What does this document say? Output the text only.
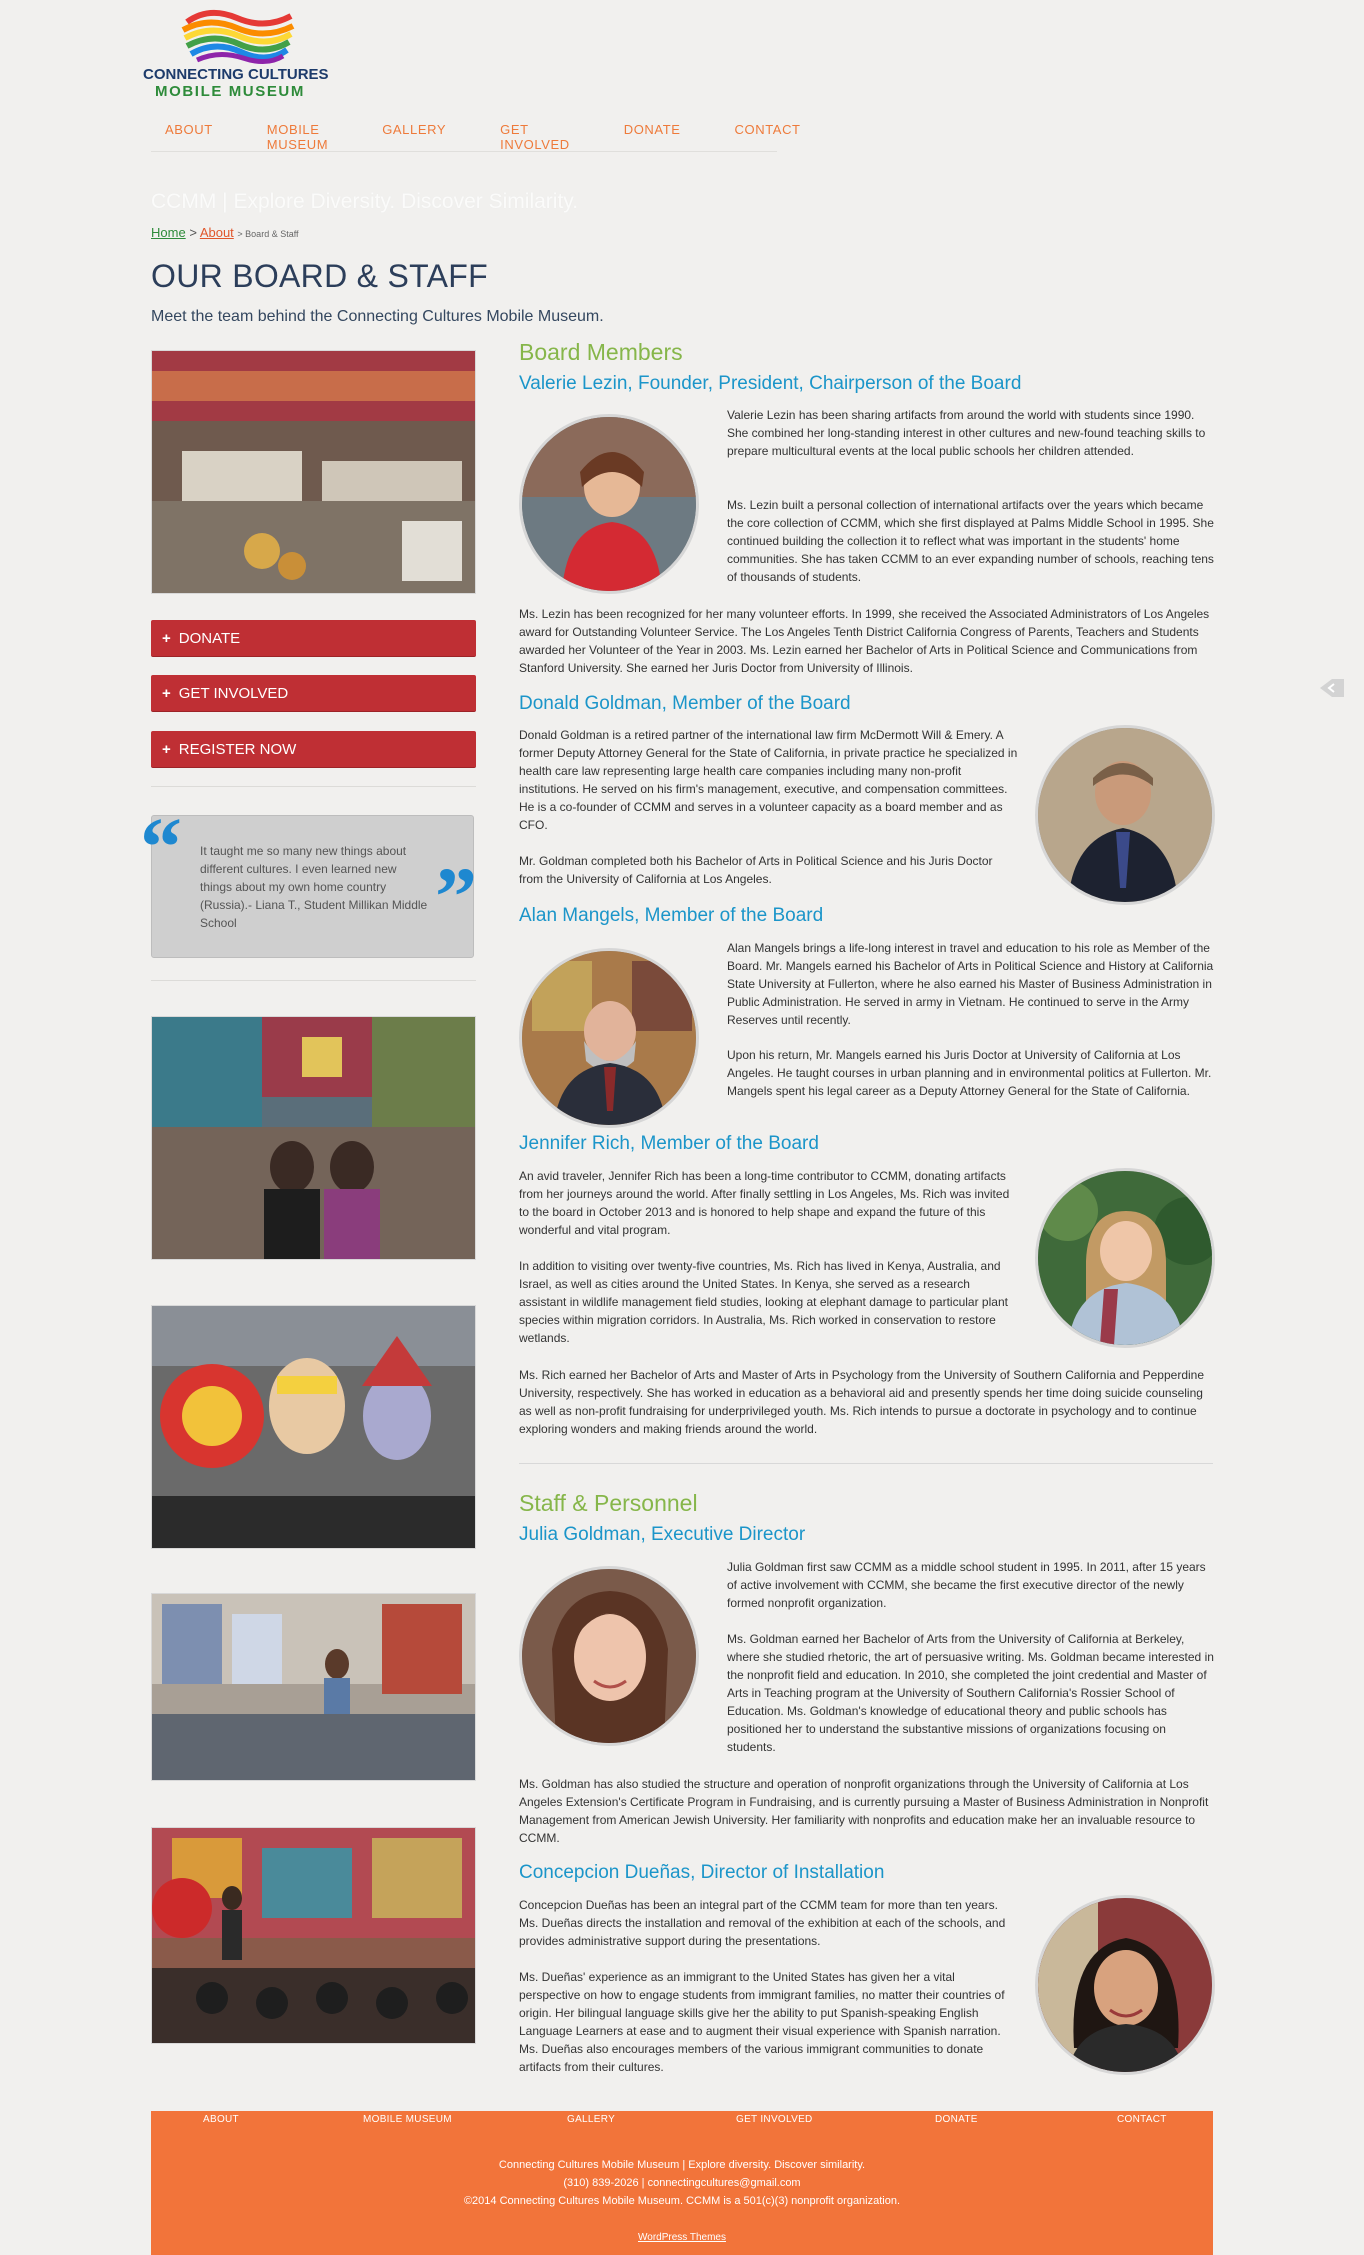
CONNECTING CULTURES
MOBILE MUSEUM
ABOUT	MOBILE MUSEUM
GALLERY	GET INVOLVED
DONATE	CONTACT
CCMM | Explore Diversity. Discover Similarity.
Home > About > Board & Staff
OUR BOARD & STAFF
Meet the team behind the Connecting Cultures Mobile Museum.
+ DONATE
+ GET INVOLVED
+ REGISTER NOW
“ It taught me so many new things about different cultures. I even learned new things about my own home country (Russia).- Liana T., Student Millikan Middle School	”
Board Members
Valerie Lezin, Founder, President, Chairperson of the Board
Valerie Lezin has been sharing artifacts from around the world with students since 1990. She combined her long-standing interest in other cultures and new-found teaching skills to prepare multicultural events at the local public schools her children attended.
Ms. Lezin built a personal collection of international artifacts over the years which became the core collection of CCMM, which she first displayed at Palms Middle School in 1995. She continued building the collection it to reflect what was important in the students' home communities. She has taken CCMM to an ever expanding number of schools, reaching tens of thousands of students.
Ms. Lezin has been recognized for her many volunteer efforts. In 1999, she received the Associated Administrators of Los Angeles award for Outstanding Volunteer Service. The Los Angeles Tenth District California Congress of Parents, Teachers and Students awarded her Volunteer of the Year in 2003. Ms. Lezin earned her Bachelor of Arts in Political Science and Communications from Stanford University. She earned her Juris Doctor from University of Illinois.
Donald Goldman, Member of the Board
Donald Goldman is a retired partner of the international law firm McDermott Will & Emery. A former Deputy Attorney General for the State of California, in private practice he specialized in health care law representing large health care companies including many non-profit institutions. He served on his firm's management, executive, and compensation committees. He is a co-founder of CCMM and serves in a volunteer capacity as a board member and as CFO.
Mr. Goldman completed both his Bachelor of Arts in Political Science and his Juris Doctor from the University of California at Los Angeles.
Alan Mangels, Member of the Board
Alan Mangels brings a life-long interest in travel and education to his role as Member of the Board. Mr. Mangels earned his Bachelor of Arts in Political Science and History at California State University at Fullerton, where he also earned his Master of Business Administration in Public Administration. He served in army in Vietnam. He continued to serve in the Army Reserves until recently.
Upon his return, Mr. Mangels earned his Juris Doctor at University of California at Los Angeles. He taught courses in urban planning and in environmental politics at Fullerton. Mr. Mangels spent his legal career as a Deputy Attorney General for the State of California.
Jennifer Rich, Member of the Board
An avid traveler, Jennifer Rich has been a long-time contributor to CCMM, donating artifacts from her journeys around the world. After finally settling in Los Angeles, Ms. Rich was invited to the board in October 2013 and is honored to help shape and expand the future of this wonderful and vital program.
In addition to visiting over twenty-five countries, Ms. Rich has lived in Kenya, Australia, and Israel, as well as cities around the United States. In Kenya, she served as a research assistant in wildlife management field studies, looking at elephant damage to particular plant species within migration corridors. In Australia, Ms. Rich worked in conservation to restore wetlands.
Ms. Rich earned her Bachelor of Arts and Master of Arts in Psychology from the University of Southern California and Pepperdine University, respectively. She has worked in education as a behavioral aid and presently spends her time doing suicide counseling as well as non-profit fundraising for underprivileged youth. Ms. Rich intends to pursue a doctorate in psychology and to continue exploring wonders and making friends around the world.
Staff & Personnel
Julia Goldman, Executive Director
Julia Goldman first saw CCMM as a middle school student in 1995. In 2011, after 15 years of active involvement with CCMM, she became the first executive director of the newly formed nonprofit organization.
Ms. Goldman earned her Bachelor of Arts from the University of California at Berkeley, where she studied rhetoric, the art of persuasive writing. Ms. Goldman became interested in the nonprofit field and education. In 2010, she completed the joint credential and Master of Arts in Teaching program at the University of Southern California's Rossier School of Education. Ms. Goldman's knowledge of educational theory and public schools has positioned her to understand the substantive missions of organizations focusing on students.
Ms. Goldman has also studied the structure and operation of nonprofit organizations through the University of California at Los Angeles Extension's Certificate Program in Fundraising, and is currently pursuing a Master of Business Administration in Nonprofit Management from American Jewish University. Her familiarity with nonprofits and education make her an invaluable resource to CCMM.
Concepcion Dueñas, Director of Installation
Concepcion Dueñas has been an integral part of the CCMM team for more than ten years. Ms. Dueñas directs the installation and removal of the exhibition at each of the schools, and provides administrative support during the presentations.
Ms. Dueñas' experience as an immigrant to the United States has given her a vital perspective on how to engage students from immigrant families, no matter their countries of origin. Her bilingual language skills give her the ability to put Spanish-speaking English Language Learners at ease and to augment their visual experience with Spanish narration. Ms. Dueñas also encourages members of the various immigrant communities to donate artifacts from their cultures.
ABOUT	MOBILE MUSEUM	GALLERY	GET INVOLVED	DONATE	CONTACT
Connecting Cultures Mobile Museum | Explore diversity. Discover similarity.
(310) 839-2026 | connectingcultures@gmail.com
©2014 Connecting Cultures Mobile Museum. CCMM is a 501(c)(3) nonprofit organization.
WordPress Themes
